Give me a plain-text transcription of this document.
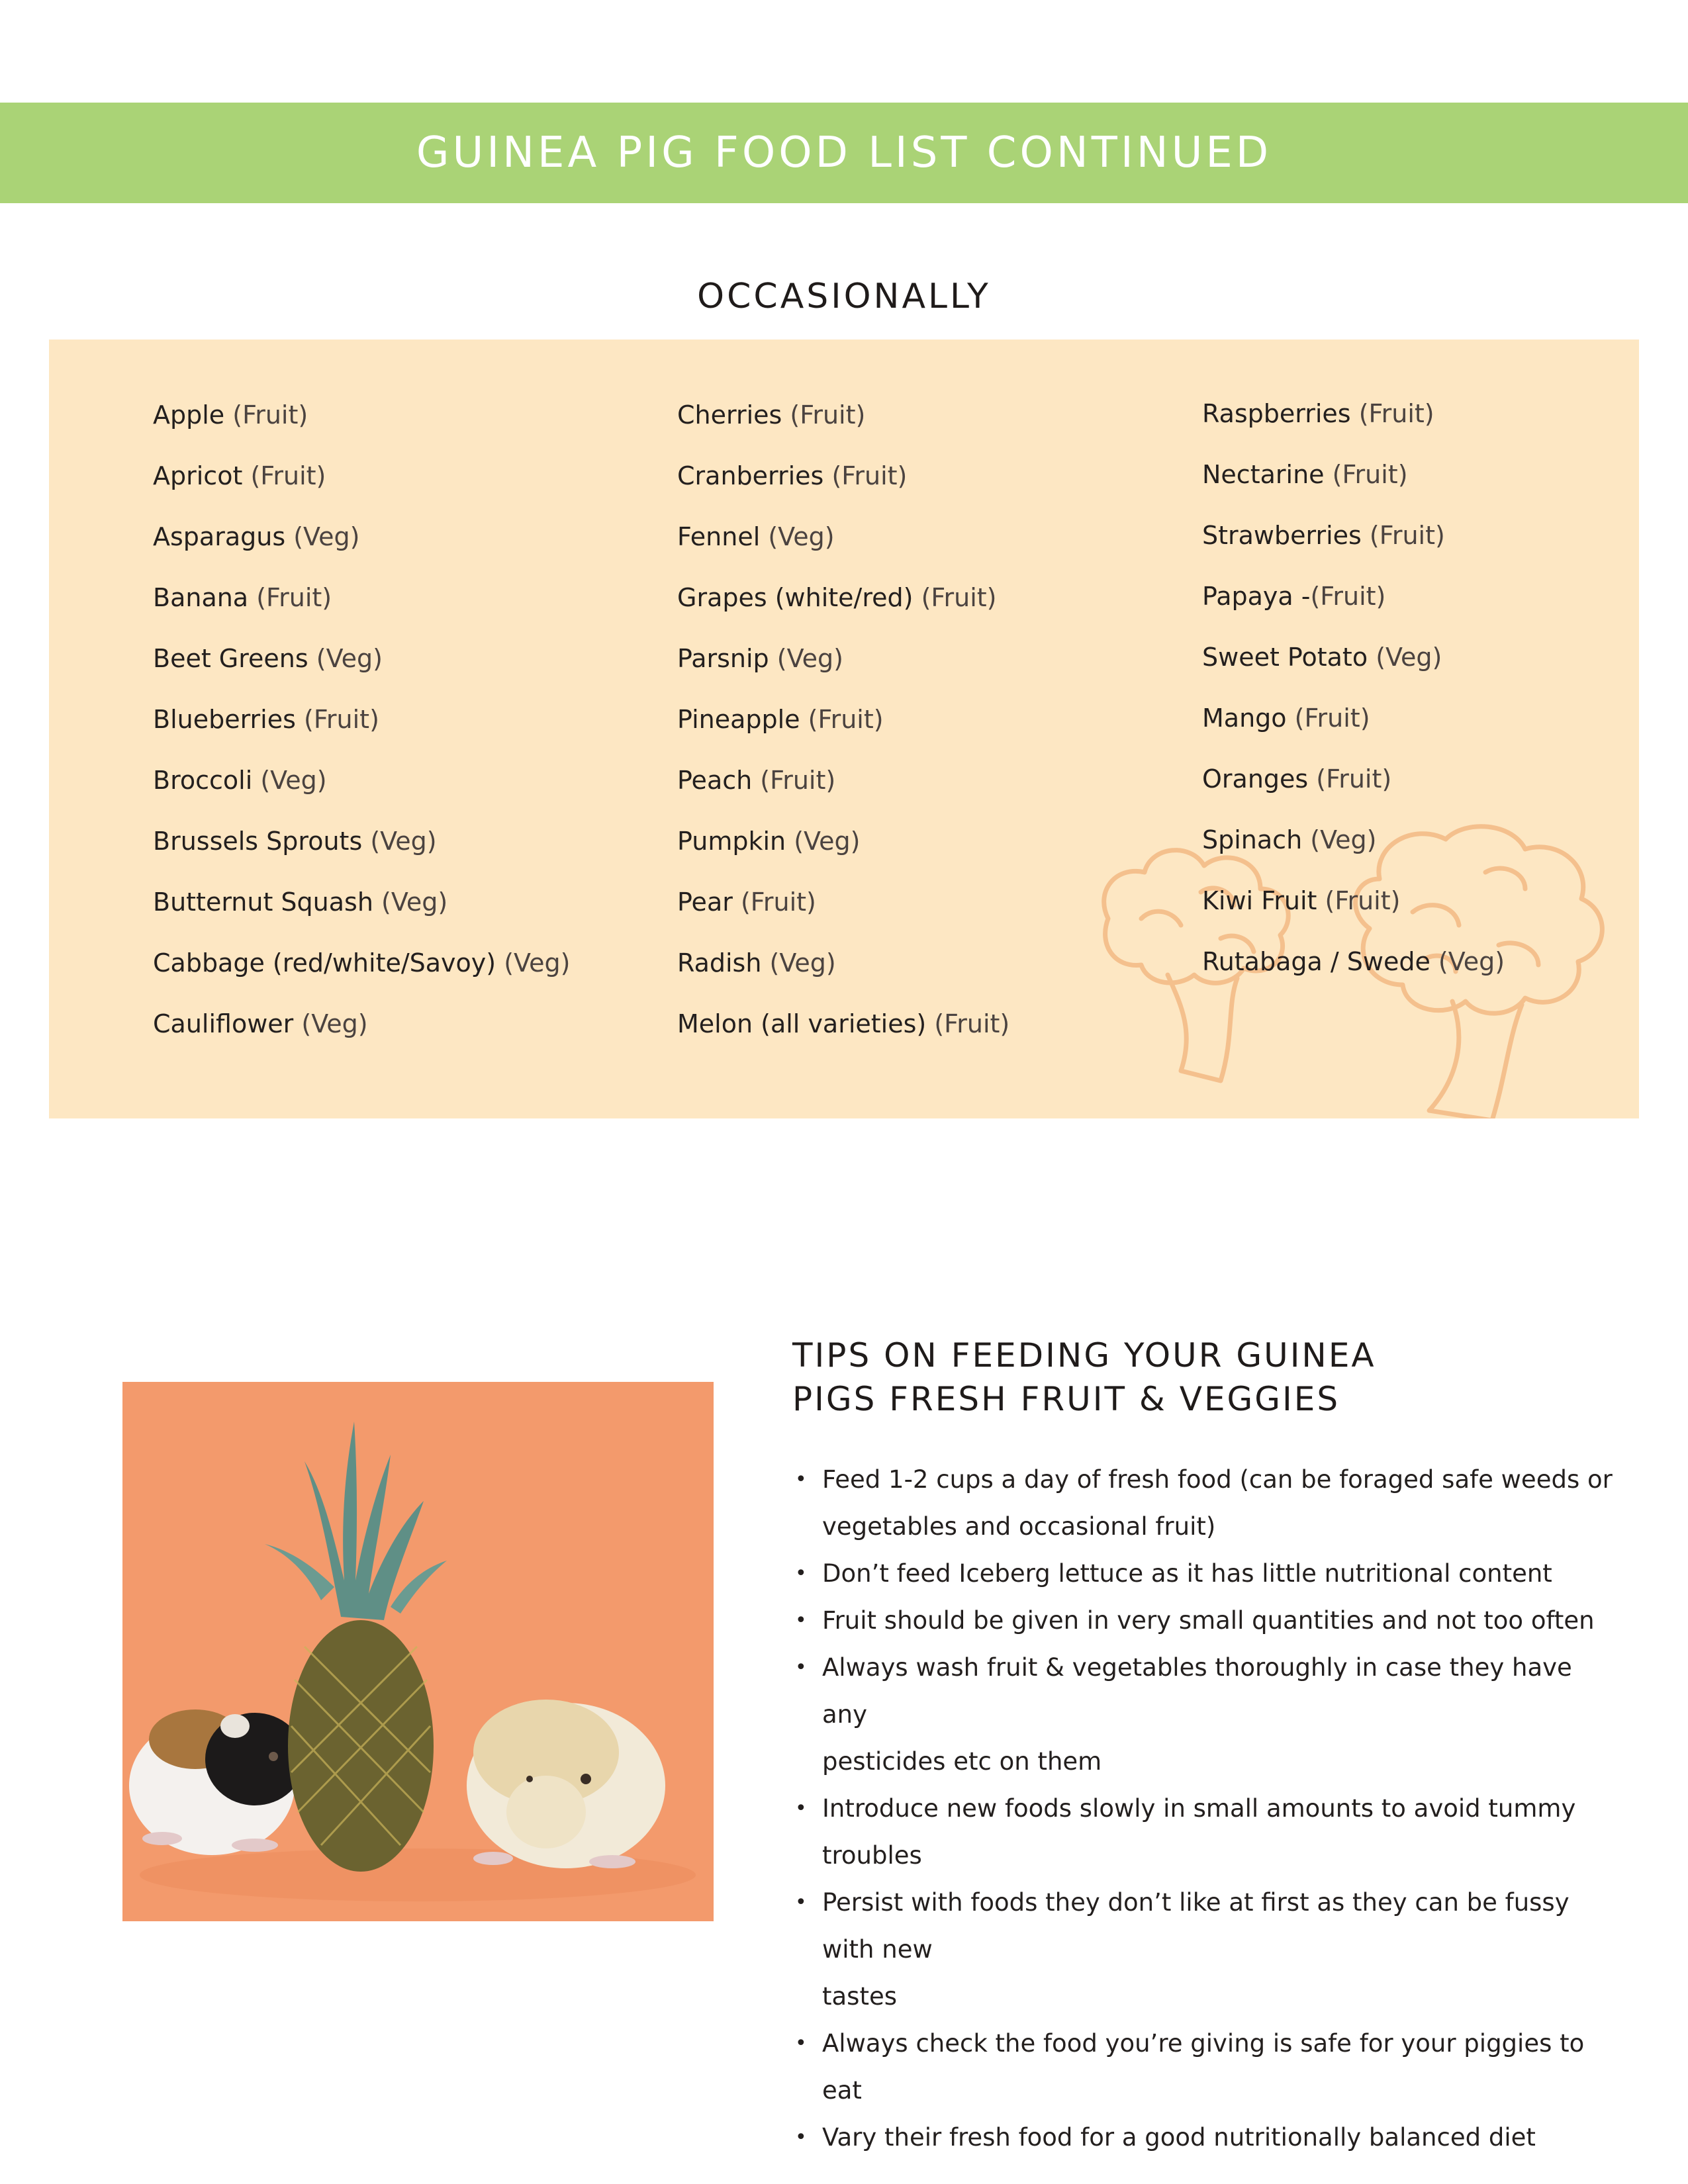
GUINEA PIG FOOD LIST CONTINUED
OCCASIONALLY
Apple (Fruit)
Apricot (Fruit)
Asparagus (Veg)
Banana (Fruit)
Beet Greens (Veg)
Blueberries (Fruit)
Broccoli (Veg)
Brussels Sprouts (Veg)
Butternut Squash (Veg)
Cabbage (red/white/Savoy) (Veg)
Cauliflower (Veg)
Cherries (Fruit)
Cranberries (Fruit)
Fennel (Veg)
Grapes (white/red) (Fruit)
Parsnip (Veg)
Pineapple (Fruit)
Peach (Fruit)
Pumpkin (Veg)
Pear (Fruit)
Radish (Veg)
Melon (all varieties) (Fruit)
Raspberries (Fruit)
Nectarine (Fruit)
Strawberries (Fruit)
Papaya -(Fruit)
Sweet Potato (Veg)
Mango (Fruit)
Oranges (Fruit)
Spinach (Veg)
Kiwi Fruit (Fruit)
Rutabaga / Swede (Veg)
TIPS ON FEEDING YOUR GUINEA
PIGS FRESH FRUIT & VEGGIES
• Feed 1-2 cups a day of fresh food (can be foraged safe weeds or
vegetables and occasional fruit)
• Don’t feed Iceberg lettuce as it has little nutritional content
• Fruit should be given in very small quantities and not too often
• Always wash fruit & vegetables thoroughly in case they have any
pesticides etc on them
• Introduce new foods slowly in small amounts to avoid tummy troubles
• Persist with foods they don’t like at first as they can be fussy with new
tastes
• Always check the food you’re giving is safe for your piggies to eat
• Vary their fresh food for a good nutritionally balanced diet
